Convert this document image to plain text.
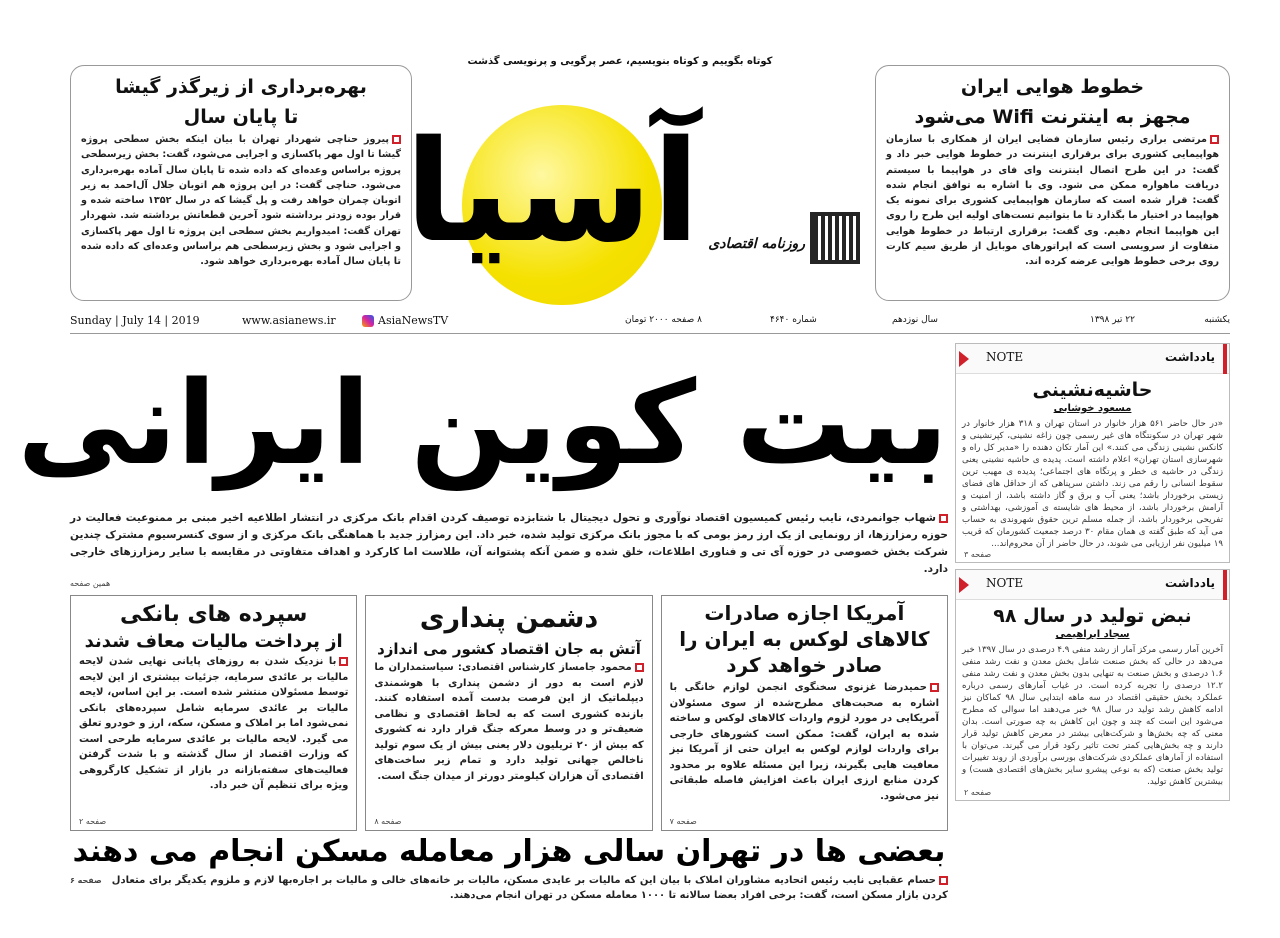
کوتاه بگوییم و کوتاه بنویسیم، عصر پرگویی و پرنویسی گذشت
آسیا روزنامه اقتصادی
بهره‌برداری از زیرگذر گیشا
تا پایان سال
پیروز حناچی شهردار تهران با بیان اینکه بخش سطحی پروژه گیشا تا اول مهر پاکسازی و اجرایی می‌شود، گفت: بخش زیرسطحی پروژه براساس وعده‌ای که داده شده تا پایان سال آماده بهره‌برداری می‌شود. حناچی گفت: در این پروژه هم اتوبان جلال آل‌احمد به زیر اتوبان چمران خواهد رفت و پل گیشا که در سال ۱۳۵۲ ساخته شده و قرار بوده زودتر برداشته شود آخرین قطعاتش برداشته شد. شهردار تهران گفت: امیدواریم بخش سطحی این پروژه تا اول مهر پاکسازی و اجرایی شود و بخش زیرسطحی هم براساس وعده‌ای که داده شده تا پایان سال آماده بهره‌برداری خواهد شود.
خطوط هوایی ایران
مجهز به اینترنت Wifi می‌شود
مرتضی براری رئیس سازمان فضایی ایران از همکاری با سازمان هواپیمایی کشوری برای برقراری اینترنت در خطوط هوایی خبر داد و گفت: در این طرح اتصال اینترنت وای فای در هواپیما با سیستم دریافت ماهواره ممکن می شود. وی با اشاره به توافق انجام شده گفت: قرار شده است که سازمان هواپیمایی کشوری برای نمونه یک هواپیما در اختیار ما بگذارد تا ما بتوانیم تست‌های اولیه این طرح را روی این هواپیما انجام دهیم. وی گفت: برقراری ارتباط در خطوط هوایی متفاوت از سرویسی است که اپراتورهای موبایل از طریق سیم کارت روی برخی خطوط هوایی عرضه کرده اند.
Sunday | July 14 | 2019	www.asianews.ir	AsiaNewsTV	۸ صفحه ۲۰۰۰ تومان	شماره ۴۶۴۰	سال نوزدهم	۲۲ تیر ۱۳۹۸	یکشنبه
بیت کوین ایرانی
شهاب جوانمردی، نایب رئیس کمیسیون اقتصاد نوآوری و تحول دیجیتال با شتابزده توصیف کردن اقدام بانک مرکزی در انتشار اطلاعیه اخیر مبنی بر ممنوعیت فعالیت در حوزه رمزارزها، از رونمایی از یک ارز رمز بومی که با مجوز بانک مرکزی تولید شده، خبر داد. این رمزارز جدید با هماهنگی بانک مرکزی و از سوی کنسرسیوم مشترک چندین شرکت بخش خصوصی در حوزه آی تی و فناوری اطلاعات، خلق شده و ضمن آنکه پشتوانه آن، طلاست اما کارکرد و اهداف متفاوتی در مقایسه با سایر رمزارزهای خارجی دارد.
همین صفحه
آمریکا اجازه صادرات کالاهای لوکس به ایران را صادر خواهد کرد
حمیدرضا غزنوی سخنگوی انجمن لوازم خانگی با اشاره به صحبت‌های مطرح‌شده از سوی مسئولان آمریکایی در مورد لزوم واردات کالاهای لوکس و ساخته شده به ایران، گفت: ممکن است کشورهای خارجی برای واردات لوازم لوکس به ایران حتی از آمریکا نیز معافیت هایی بگیرند، زیرا این مسئله علاوه بر محدود کردن منابع ارزی ایران باعث افزایش فاصله طبقاتی نیز می‌شود.
صفحه ۷
دشمن پنداری
آتش به جان اقتصاد کشور می اندازد
محمود جامساز کارشناس اقتصادی: سیاستمداران ما لازم است به دور از دشمن پنداری با هوشمندی دیپلماتیک از این فرصت بدست آمده استفاده کنند. بازنده کشوری است که به لحاظ اقتصادی و نظامی ضعیف‌تر و در وسط معرکه جنگ قرار دارد نه کشوری که بیش از ۲۰ تریلیون دلار یعنی بیش از یک سوم تولید ناخالص جهانی تولید دارد و تمام زیر ساخت‌های اقتصادی آن هزاران کیلومتر دورتر از میدان جنگ است.
صفحه ۸
سپرده های بانکی
از پرداخت مالیات معاف شدند
با نزدیک شدن به روزهای پایانی نهایی شدن لایحه مالیات بر عائدی سرمایه، جزئیات بیشتری از این لایحه توسط مسئولان منتشر شده است. بر این اساس، لایحه مالیات بر عائدی سرمایه شامل سپرده‌های بانکی نمی‌شود اما بر املاک و مسکن، سکه، ارز و خودرو تعلق می گیرد. لایحه مالیات بر عائدی سرمایه طرحی است که وزارت اقتصاد از سال گذشته و با شدت گرفتن فعالیت‌های سفته‌بازانه در بازار از تشکیل کارگروهی ویژه برای تنظیم آن خبر داد.
صفحه ۲
بعضی ها در تهران سالی هزار معامله مسکن انجام می دهند
صفحه ۶ حسام عقبایی نایب رئیس اتحادیه مشاوران املاک با بیان این که مالیات بر عایدی مسکن، مالیات بر خانه‌های خالی و مالیات بر اجاره‌بها لازم و ملزوم یکدیگر برای متعادل کردن بازار مسکن است، گفت: برخی افراد بعضا سالانه تا ۱۰۰۰ معامله مسکن در تهران انجام می‌دهند.
NOTE	یادداشت
حاشیه‌نشینی
مسعود خوشابی
«در حال حاضر ۵۶۱ هزار خانوار در استان تهران و ۳۱۸ هزار خانوار در شهر تهران در سکونتگاه های غیر رسمی چون زاغه نشینی، کپرنشینی و کانکس نشینی زندگی می کنند.» این آمار تکان دهنده را «مدیر کل راه و شهرسازی استان تهران» اعلام داشته است. پدیده ی حاشیه نشینی یعنی زندگی در حاشیه ی خطر و پرتگاه های اجتماعی؛ پدیده ی مهیب ترین سقوط انسانی را رقم می زند. داشتن سرپناهی که از حداقل های فضای زیستی برخوردار باشد؛ یعنی آب و برق و گاز داشته باشد، از امنیت و آرامش برخوردار باشد، از محیط های شایسته ی آموزشی، بهداشتی و تفریحی برخوردار باشد، از جمله مسلم ترین حقوق شهروندی به حساب می آید که طبق گفته ی همان مقام ۳۰ درصد جمعیت کشورمان که قریب ۱۹ میلیون نفر ارزیابی می شوند، در حال حاضر از آن محروم‌اند...
صفحه ۳
NOTE	یادداشت
نبض تولید در سال ۹۸
سجاد ابراهیمی
آخرین آمار رسمی مرکز آمار از رشد منفی ۴.۹ درصدی در سال ۱۳۹۷ خبر می‌دهد در حالی که بخش صنعت شامل بخش معدن و نفت رشد منفی ۱.۶ درصدی و بخش صنعت به تنهایی بدون بخش معدن و نفت رشد منفی ۱۲.۲ درصدی را تجربه کرده است. در غیاب آمارهای رسمی درباره عملکرد بخش حقیقی اقتصاد در سه ماهه ابتدایی سال ۹۸ کماکان نیز ادامه کاهش رشد تولید در سال ۹۸ خبر می‌دهند اما سوالی که مطرح می‌شود این است که چند و چون این کاهش به چه صورتی است. بدان معنی که چه بخش‌ها و شرکت‌هایی بیشتر در معرض کاهش تولید قرار دارند و چه بخش‌هایی کمتر تحت تاثیر رکود قرار می گیرند. می‌توان با استفاده از آمارهای عملکردی شرکت‌های بورسی برآوردی از روند تغییرات تولید بخش صنعت (که به نوعی پیشرو سایر بخش‌های اقتصادی هست) و بیشترین کاهش تولید.
صفحه ۲
